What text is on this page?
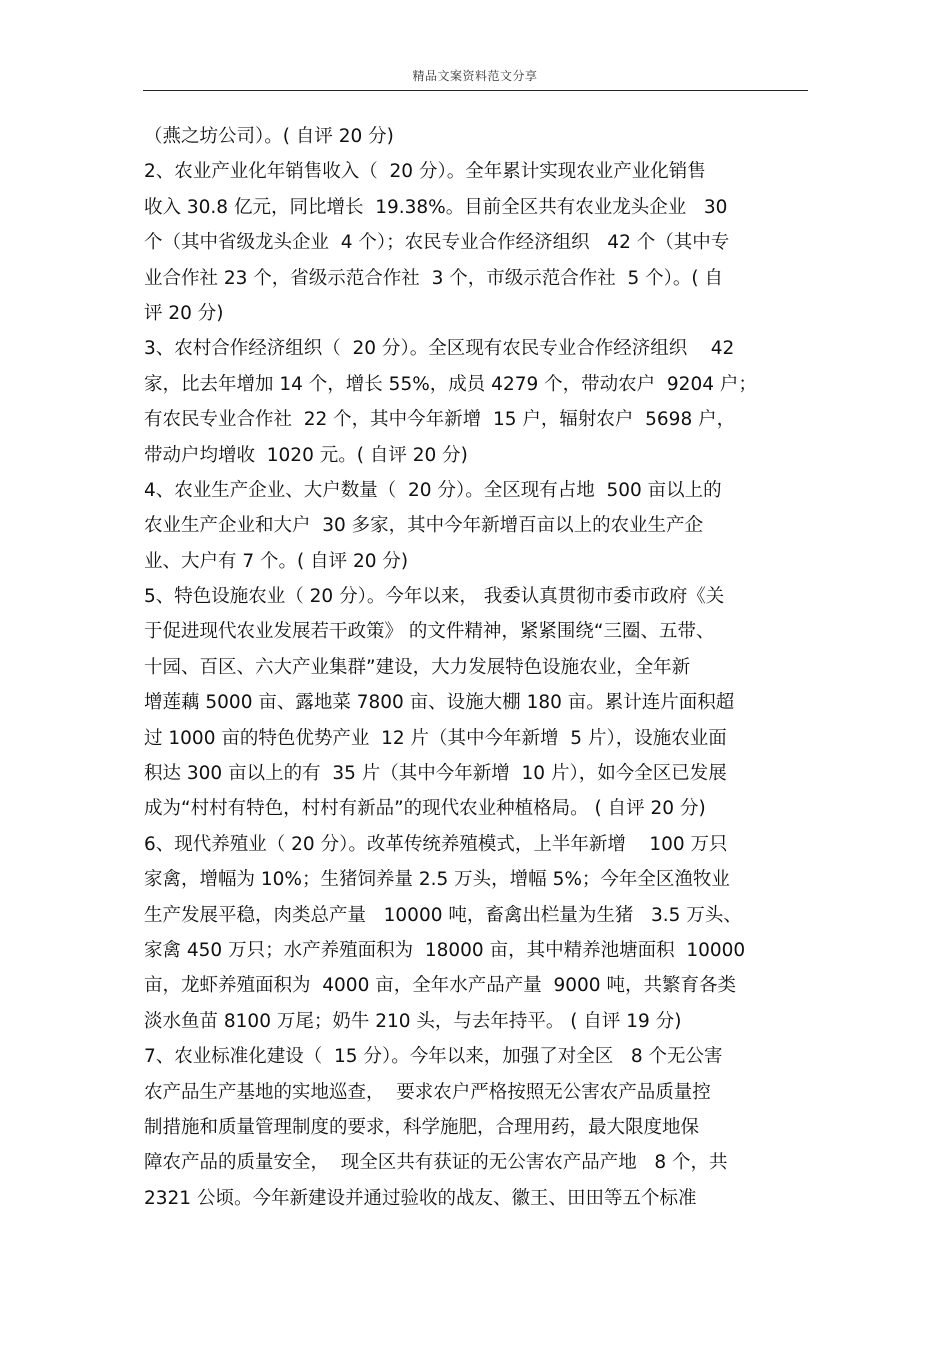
精品文案资料范文分享
（燕之坊公司）。( 自评 20 分)
2、农业产业化年销售收入（  20 分）。全年累计实现农业产业化销售
收入 30.8 亿元，同比增长  19.38%。目前全区共有农业龙头企业   30
个（其中省级龙头企业  4 个）；农民专业合作经济组织   42 个（其中专
业合作社 23 个，省级示范合作社  3 个，市级示范合作社  5 个）。( 自
评 20 分)
3、农村合作经济组织（  20 分）。全区现有农民专业合作经济组织    42
家，比去年增加 14 个，增长 55%，成员 4279 个，带动农户  9204 户；
有农民专业合作社  22 个，其中今年新增  15 户，辐射农户  5698 户，
带动户均增收  1020 元。( 自评 20 分)
4、农业生产企业、大户数量（  20 分）。全区现有占地  500 亩以上的
农业生产企业和大户  30 多家，其中今年新增百亩以上的农业生产企
业、大户有 7 个。( 自评 20 分)
5、特色设施农业（ 20 分）。今年以来， 我委认真贯彻市委市政府《关
于促进现代农业发展若干政策》 的文件精神，紧紧围绕“三圈、五带、
十园、百区、六大产业集群”建设，大力发展特色设施农业，全年新
增莲藕 5000 亩、露地菜 7800 亩、设施大棚 180 亩。累计连片面积超
过 1000 亩的特色优势产业  12 片（其中今年新增  5 片），设施农业面
积达 300 亩以上的有  35 片（其中今年新增  10 片），如今全区已发展
成为“村村有特色，村村有新品”的现代农业种植格局。 ( 自评 20 分)
6、现代养殖业（ 20 分）。改革传统养殖模式，上半年新增    100 万只
家禽，增幅为 10%；生猪饲养量 2.5 万头，增幅 5%；今年全区渔牧业
生产发展平稳，肉类总产量   10000 吨，畜禽出栏量为生猪   3.5 万头、
家禽 450 万只；水产养殖面积为  18000 亩，其中精养池塘面积  10000
亩，龙虾养殖面积为  4000 亩，全年水产品产量  9000 吨，共繁育各类
淡水鱼苗 8100 万尾；奶牛 210 头，与去年持平。 ( 自评 19 分)
7、农业标准化建设（  15 分）。今年以来，加强了对全区   8 个无公害
农产品生产基地的实地巡查，  要求农户严格按照无公害农产品质量控
制措施和质量管理制度的要求，科学施肥，合理用药，最大限度地保
障农产品的质量安全，  现全区共有获证的无公害农产品产地   8 个，共
2321 公顷。今年新建设并通过验收的战友、徽王、田田等五个标准
